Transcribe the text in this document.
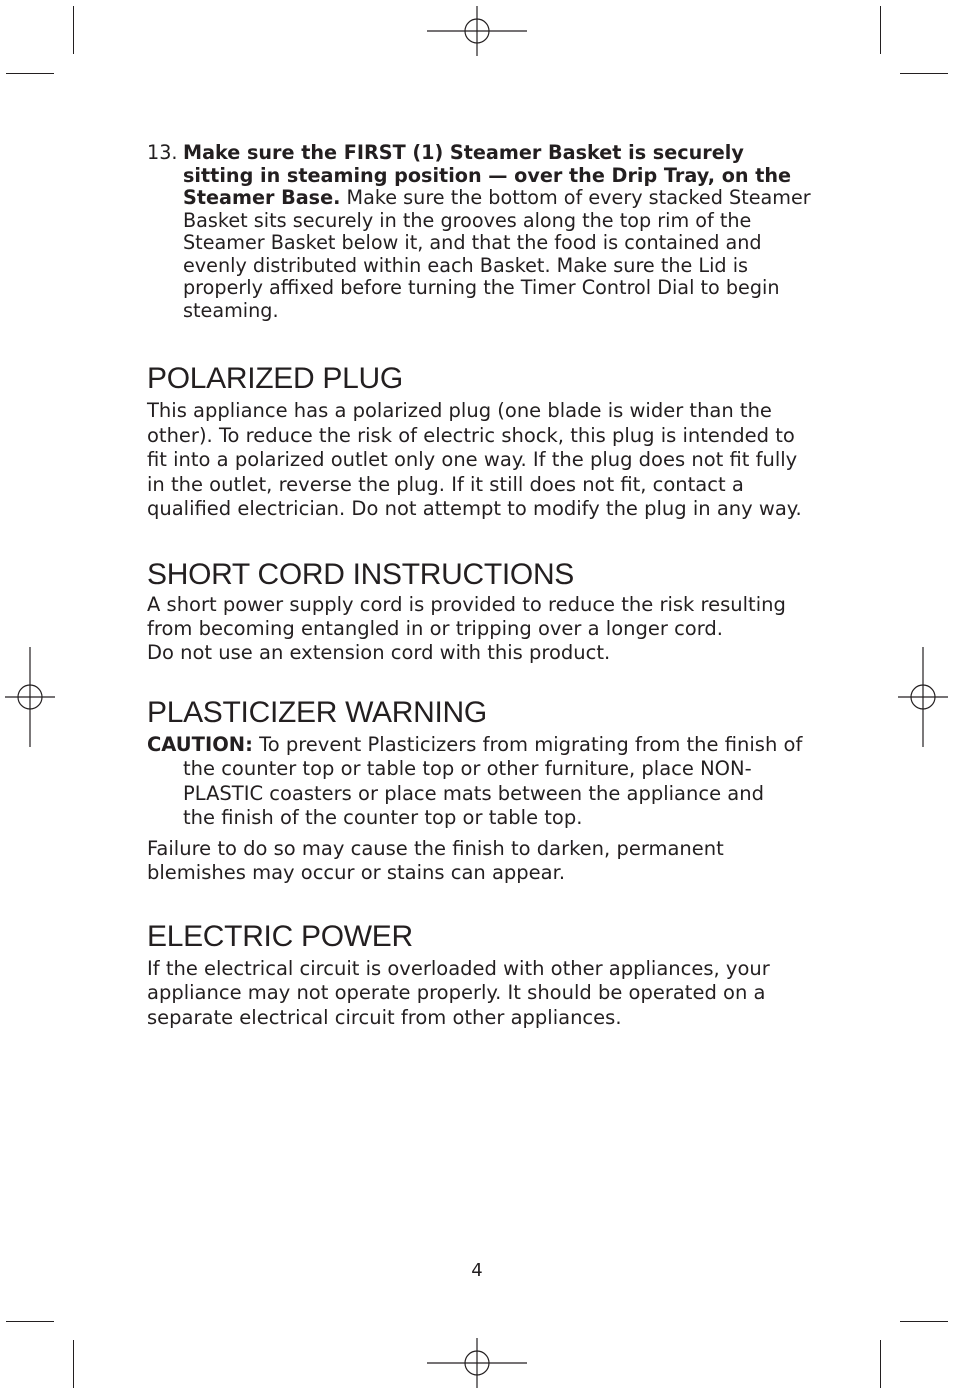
13. Make sure the FIRST (1) Steamer Basket is securely sitting in steaming position — over the Drip Tray, on the Steamer Base. Make sure the bottom of every stacked Steamer Basket sits securely in the grooves along the top rim of the Steamer Basket below it, and that the food is contained and evenly distributed within each Basket. Make sure the Lid is properly affixed before turning the Timer Control Dial to begin steaming.
POLARIZED PLUG

This appliance has a polarized plug (one blade is wider than the other). To reduce the risk of electric shock, this plug is intended to fit into a polarized outlet only one way. If the plug does not fit fully in the outlet, reverse the plug. If it still does not fit, contact a qualified electrician. Do not attempt to modify the plug in any way.

SHORT CORD INSTRUCTIONS

A short power supply cord is provided to reduce the risk resulting from becoming entangled in or tripping over a longer cord.

Do not use an extension cord with this product.

PLASTICIZER WARNING

CAUTION: To prevent Plasticizers from migrating from the finish of

the counter top or table top or other furniture, place NON-PLASTIC coasters or place mats between the appliance and the finish of the counter top or table top.

Failure to do so may cause the finish to darken, permanent blemishes may occur or stains can appear.

ELECTRIC POWER

If the electrical circuit is overloaded with other appliances, your appliance may not operate properly. It should be operated on a separate electrical circuit from other appliances.

4
